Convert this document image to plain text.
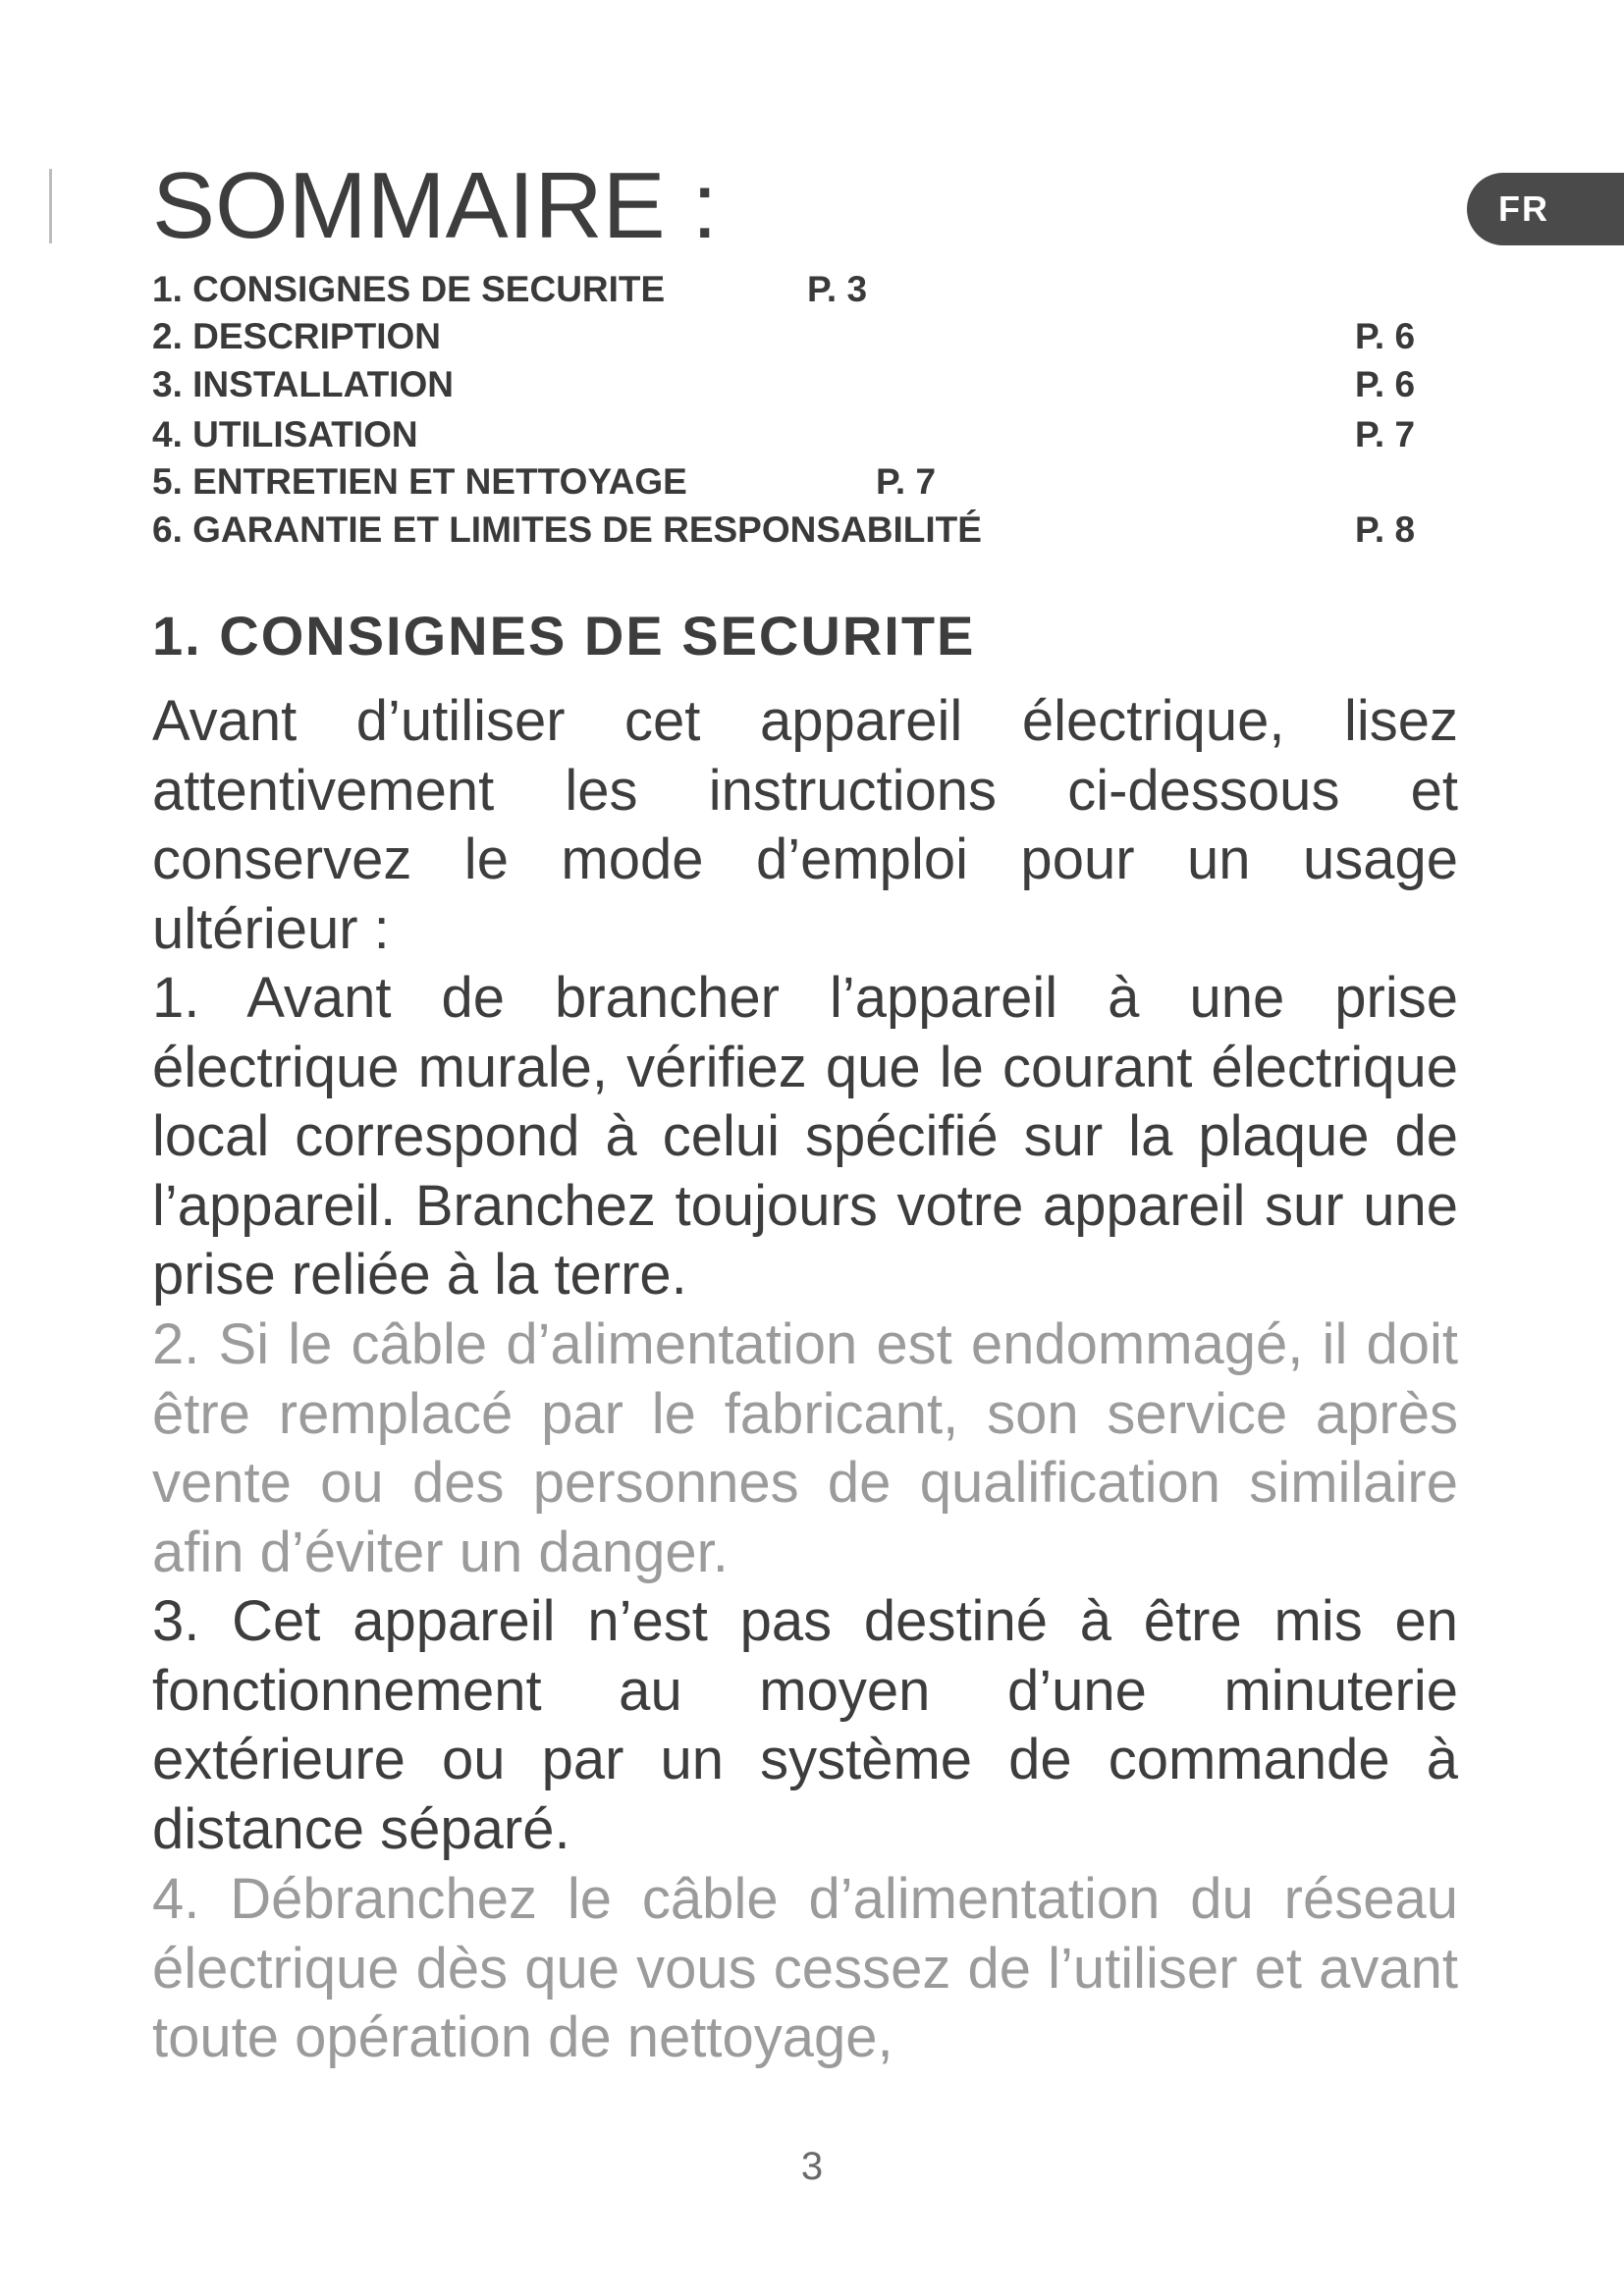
FR
SOMMAIRE :
1. CONSIGNES DE SECURITE	P. 3
2. DESCRIPTION	P. 6
3. INSTALLATION	P. 6
4. UTILISATION	P. 7
5. ENTRETIEN ET NETTOYAGE	P. 7
6. GARANTIE ET LIMITES DE RESPONSABILITÉ	P. 8
1. CONSIGNES DE SECURITE

Avant d’utiliser cet appareil électrique, lisez attentivement les instructions ci-dessous et conservez le mode d’emploi pour un usage ultérieur :

1. Avant de brancher l’appareil à une prise électrique murale, vérifiez que le courant électrique local correspond à celui spécifié sur la plaque de l’appareil. Branchez toujours votre appareil sur une prise reliée à la terre.

2. Si le câble d’alimentation est endommagé, il doit être remplacé par le fabricant, son service après vente ou des personnes de qualification similaire afin d’éviter un danger.

3. Cet appareil n’est pas destiné à être mis en fonctionnement au moyen d’une minuterie extérieure ou par un système de commande à distance séparé.

4. Débranchez le câble d’alimentation du réseau électrique dès que vous cessez de l’utiliser et avant toute opération de nettoyage,

3
